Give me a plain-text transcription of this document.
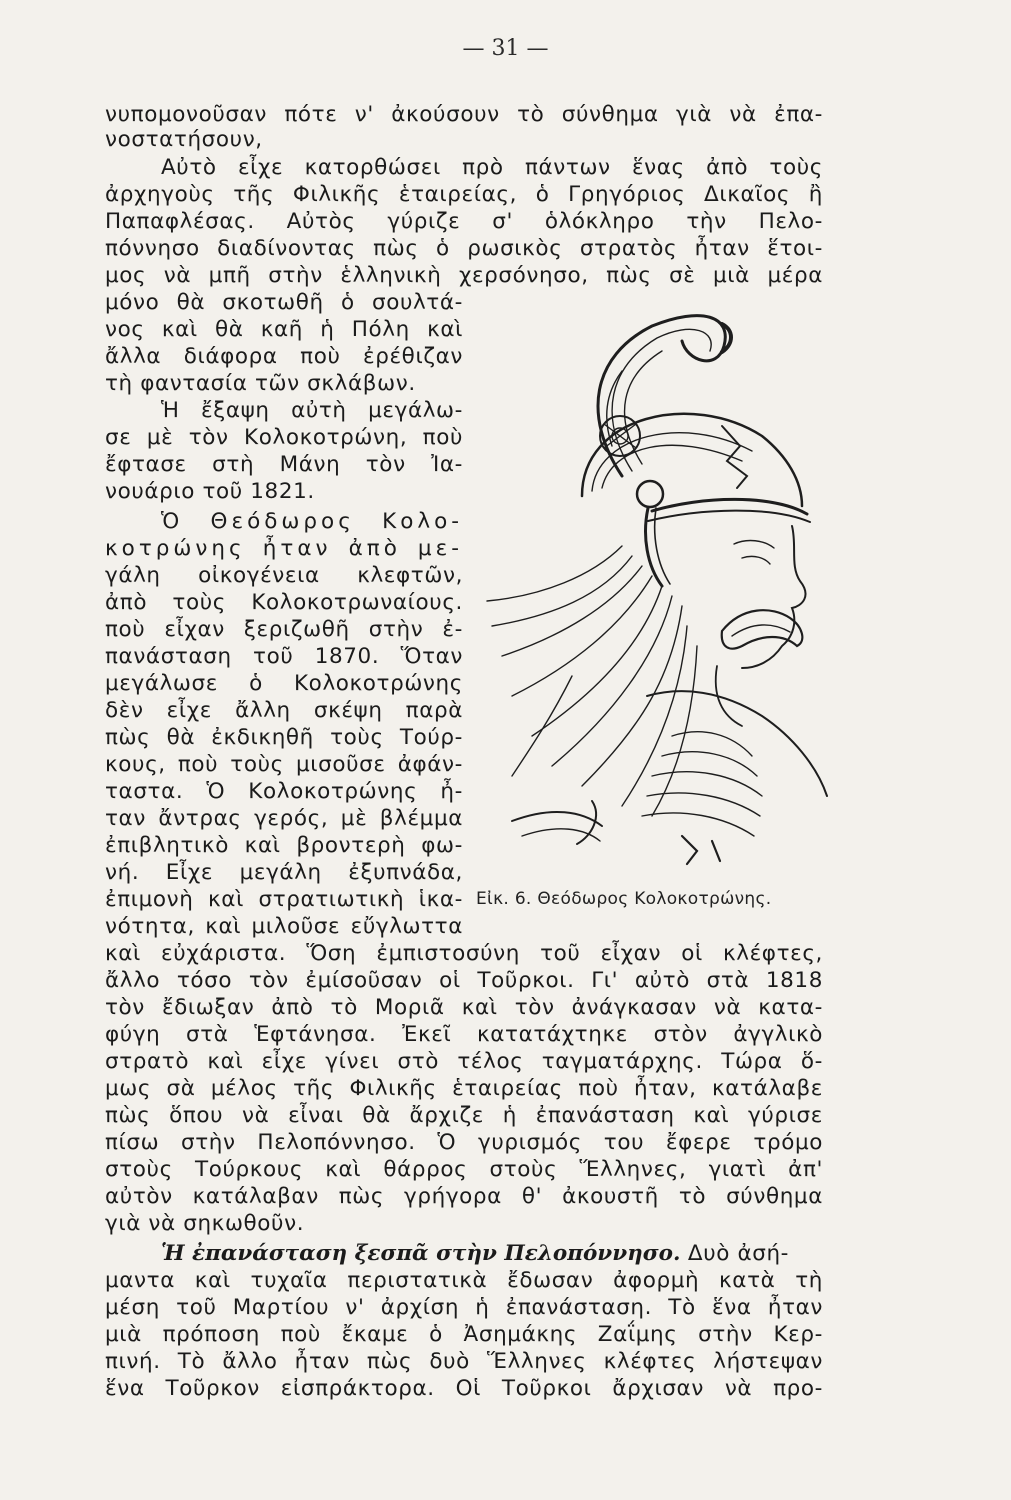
— 31 —
νυπομονοῦσαν πότε ν' ἀκούσουν τὸ σύνθημα γιὰ νὰ ἐπα-
νοστατήσουν,
Αὐτὸ εἶχε κατορθώσει πρὸ πάντων ἕνας ἀπὸ τοὺς
ἀρχηγοὺς τῆς Φιλικῆς ἑταιρείας, ὁ Γρηγόριος Δικαῖος ἢ
Παπαφλέσας. Αὐτὸς γύριζε σ' ὁλόκληρο τὴν Πελο-
πόννησο διαδίνοντας πὼς ὁ ρωσικὸς στρατὸς ἦταν ἕτοι-
μος νὰ μπῆ στὴν ἑλληνικὴ χερσόνησο, πὼς σὲ μιὰ μέρα
μόνο θὰ σκοτωθῆ ὁ σουλτά-
νος καὶ θὰ καῆ ἡ Πόλη καὶ
ἄλλα διάφορα ποὺ ἐρέθιζαν
τὴ φαντασία τῶν σκλάβων.
Ἡ ἔξαψη αὐτὴ μεγάλω-
σε μὲ τὸν Κολοκοτρώνη, ποὺ
ἔφτασε στὴ Μάνη τὸν Ἰα-
νουάριο τοῦ 1821.
Ὁ Θεόδωρος Κολο-
κοτρώνης ἦταν ἀπὸ με-
γάλη οἰκογένεια κλεφτῶν,
ἀπὸ τοὺς Κολοκοτρωναίους.
ποὺ εἶχαν ξεριζωθῆ στὴν ἐ-
πανάσταση τοῦ 1870. Ὅταν
μεγάλωσε ὁ Κολοκοτρώνης
δὲν εἶχε ἄλλη σκέψη παρὰ
πὼς θὰ ἐκδικηθῆ τοὺς Τούρ-
κους, ποὺ τοὺς μισοῦσε ἀφάν-
ταστα. Ὁ Κολοκοτρώνης ἦ-
ταν ἄντρας γερός, μὲ βλέμμα
ἐπιβλητικὸ καὶ βροντερὴ φω-
νή. Εἶχε μεγάλη ἐξυπνάδα,
ἐπιμονὴ καὶ στρατιωτικὴ ἱκα-
νότητα, καὶ μιλοῦσε εὔγλωττα
καὶ εὐχάριστα. Ὅση ἐμπιστοσύνη τοῦ εἶχαν οἱ κλέφτες,
ἄλλο τόσο τὸν ἐμίσοῦσαν οἱ Τοῦρκοι. Γι' αὐτὸ στὰ 1818
τὸν ἔδιωξαν ἀπὸ τὸ Μοριᾶ καὶ τὸν ἀνάγκασαν νὰ κατα-
φύγη στὰ Ἑφτάνησα. Ἐκεῖ κατατάχτηκε στὸν ἀγγλικὸ
στρατὸ καὶ εἶχε γίνει στὸ τέλος ταγματάρχης. Τώρα ὅ-
μως σὰ μέλος τῆς Φιλικῆς ἑταιρείας ποὺ ἦταν, κατάλαβε
πὼς ὅπου νὰ εἶναι θὰ ἄρχιζε ἡ ἐπανάσταση καὶ γύρισε
πίσω στὴν Πελοπόννησο. Ὁ γυρισμός του ἔφερε τρόμο
στοὺς Τούρκους καὶ θάρρος στοὺς Ἕλληνες, γιατὶ ἀπ'
αὐτὸν κατάλαβαν πὼς γρήγορα θ' ἀκουστῆ τὸ σύνθημα
γιὰ νὰ σηκωθοῦν.
Ἡ ἐπανάσταση ξεσπᾶ στὴν Πελοπόννησο. Δυὸ ἀσή-
μαντα καὶ τυχαῖα περιστατικὰ ἔδωσαν ἀφορμὴ κατὰ τὴ
μέση τοῦ Μαρτίου ν' ἀρχίση ἡ ἐπανάσταση. Τὸ ἕνα ἦταν
μιὰ πρόποση ποὺ ἔκαμε ὁ Ἀσημάκης Ζαΐμης στὴν Κερ-
πινή. Τὸ ἄλλο ἦταν πὼς δυὸ Ἕλληνες κλέφτες λήστεψαν
ἕνα Τοῦρκον εἰσπράκτορα. Οἱ Τοῦρκοι ἄρχισαν νὰ προ-
Εἰκ. 6. Θεόδωρος Κολοκοτρώνης.
